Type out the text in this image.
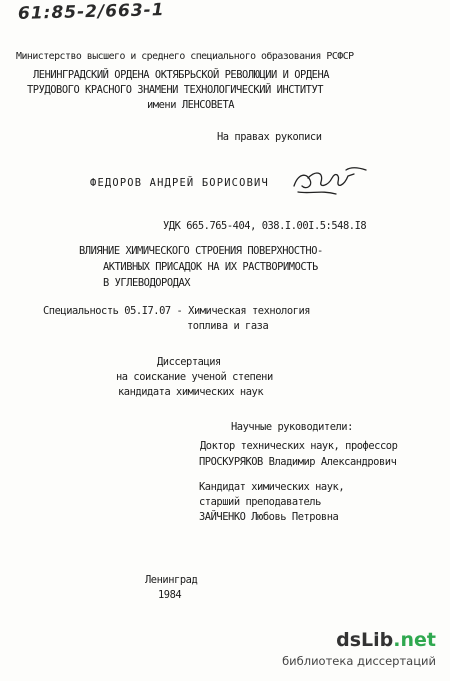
61:85-2/663-1
Министерство высшего и среднего специального образования РСФСР
ЛЕНИНГРАДСКИЙ ОРДЕНА ОКТЯБРЬСКОЙ РЕВОЛЮЦИИ И ОРДЕНА
ТРУДОВОГО КРАСНОГО ЗНАМЕНИ ТЕХНОЛОГИЧЕСКИЙ ИНСТИТУТ
имени ЛЕНСОВЕТА
На правах рукописи
ФЕДОРОВ АНДРЕЙ БОРИСОВИЧ
УДК 665.765-404, 038.I.00I.5:548.I8
ВЛИЯНИЕ ХИМИЧЕСКОГО СТРОЕНИЯ ПОВЕРХНОСТНО-
АКТИВНЫХ ПРИСАДОК НА ИХ РАСТВОРИМОСТЬ
В УГЛЕВОДОРОДАХ
Специальность 05.I7.07 - Химическая технология
топлива и газа
Диссертация
на соискание ученой степени
кандидата химических наук
Научные руководители:
Доктор технических наук, профессор
ПРОСКУРЯКОВ Владимир Александрович
Кандидат химических наук,
старший преподаватель
ЗАЙЧЕНКО Любовь Петровна
Ленинград
1984
dsLib.net
библиотека диссертаций
